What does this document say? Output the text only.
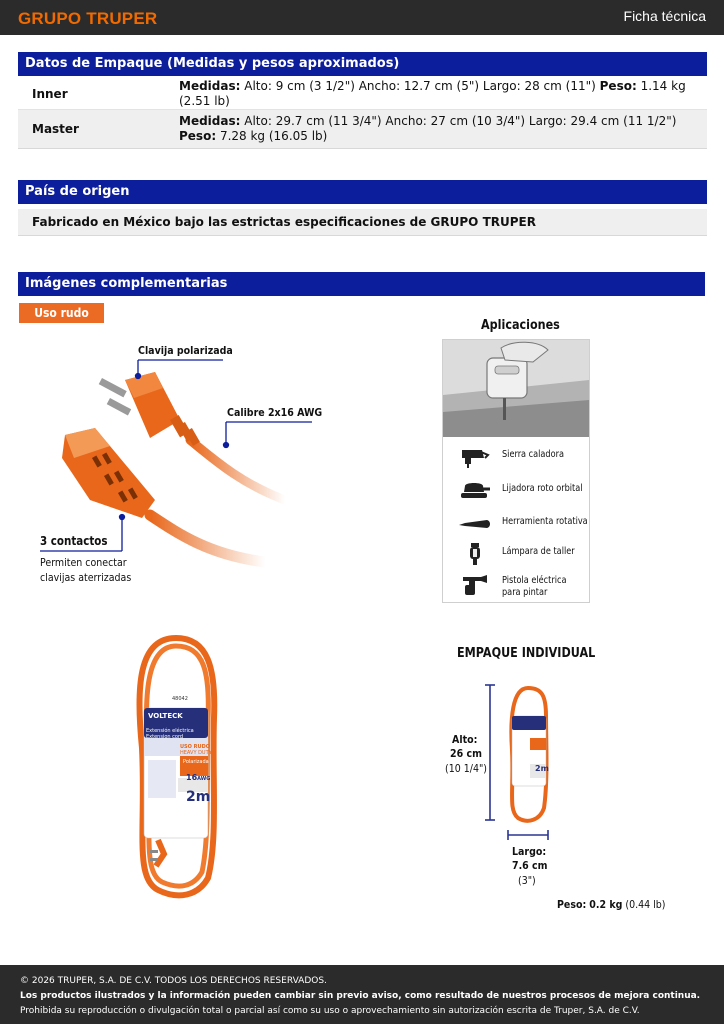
GRUPO TRUPER	Ficha técnica
Datos de Empaque (Medidas y pesos aproximados)
Inner	Medidas: Alto: 9 cm (3 1/2") Ancho: 12.7 cm (5") Largo: 28 cm (11") Peso: 1.14 kg (2.51 lb)
Master	Medidas: Alto: 29.7 cm (11 3/4") Ancho: 27 cm (10 3/4") Largo: 29.4 cm (11 1/2") Peso: 7.28 kg (16.05 lb)
País de origen
Fabricado en México bajo las estrictas especificaciones de GRUPO TRUPER
Imágenes complementarias
Uso rudo
Clavija polarizada
Calibre 2x16 AWG
3 contactos
Permiten conectar
clavijas aterrizadas
Aplicaciones
Sierra caladora
Lijadora roto orbital
Herramienta rotativa
Lámpara de taller
Pistola eléctrica
para pintar
48042
VOLTECK
Extensión eléctrica
Extension cord
USO RUDO
HEAVY DUTY
Polarizada
16AWG
2m
EMPAQUE INDIVIDUAL
2m
Alto:
26 cm
(10 1/4")
Largo:
7.6 cm
(3")
Peso: 0.2 kg (0.44 lb)
© 2026 TRUPER, S.A. DE C.V. TODOS LOS DERECHOS RESERVADOS.
Los productos ilustrados y la información pueden cambiar sin previo aviso, como resultado de nuestros procesos de mejora continua.
Prohibida su reproducción o divulgación total o parcial así como su uso o aprovechamiento sin autorización escrita de Truper, S.A. de C.V.
